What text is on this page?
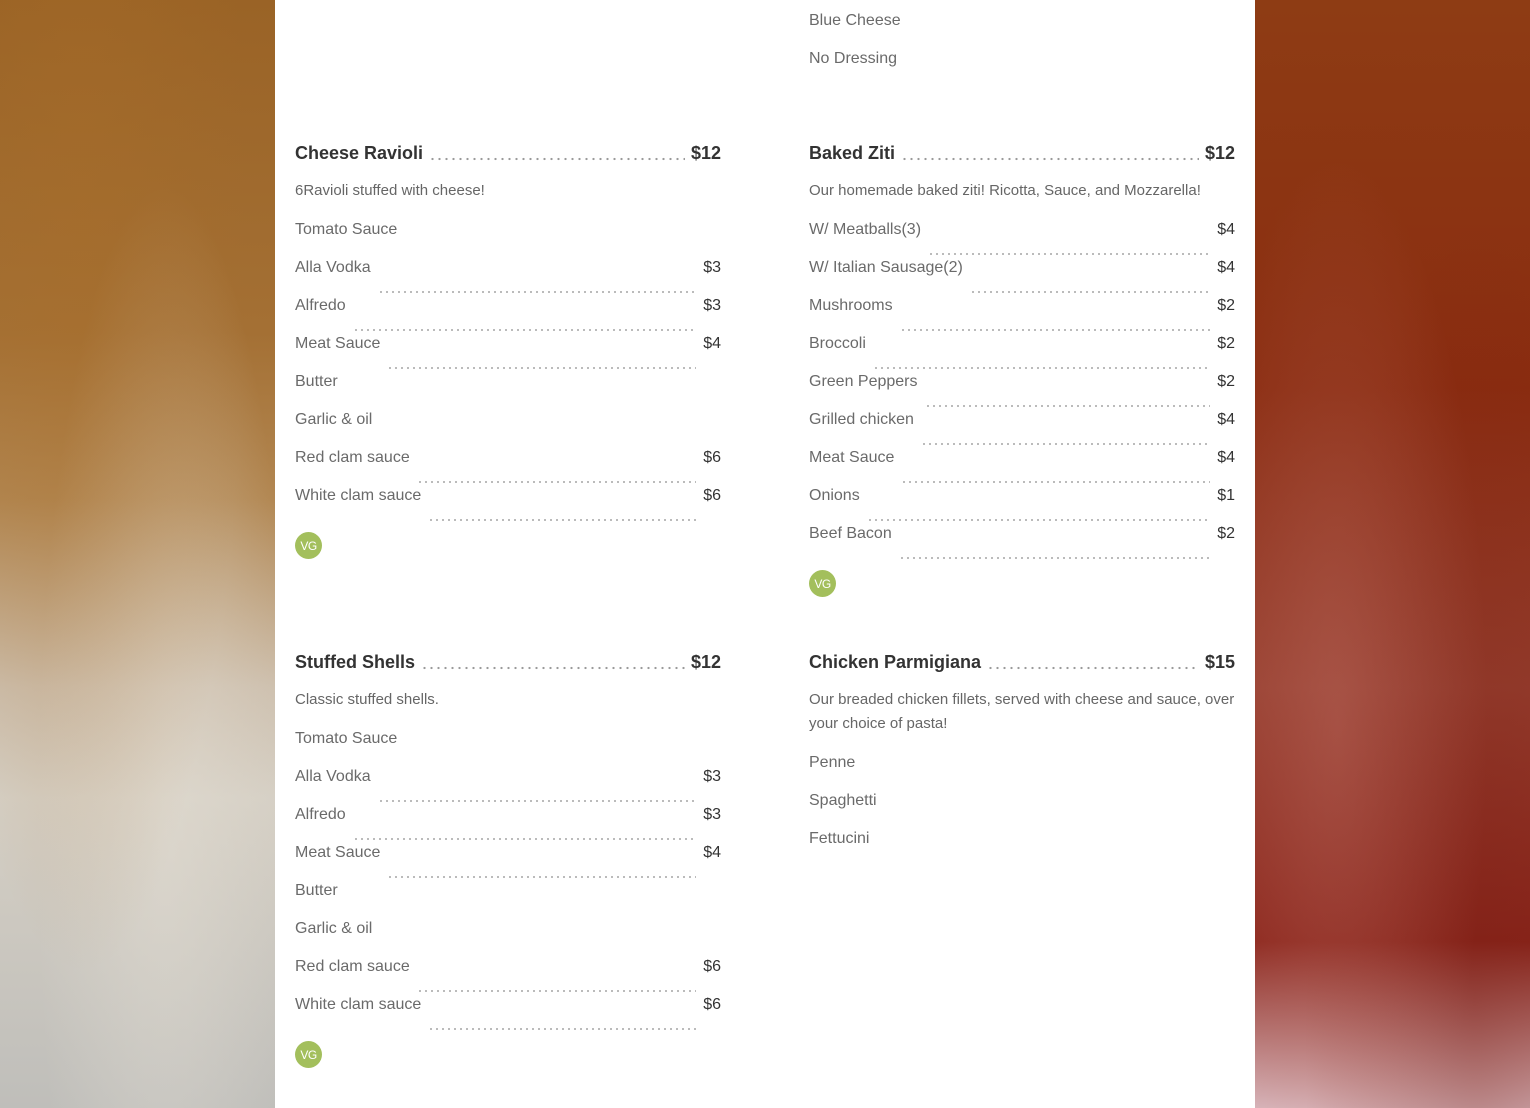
Blue Cheese
No Dressing
Cheese Ravioli	$12
6Ravioli stuffed with cheese!
Tomato Sauce
Alla Vodka	$3
Alfredo	$3
Meat Sauce	$4
Butter
Garlic & oil
Red clam sauce	$6
White clam sauce	$6
VG
Baked Ziti	$12
Our homemade baked ziti! Ricotta, Sauce, and Mozzarella!
W/ Meatballs(3)	$4
W/ Italian Sausage(2)	$4
Mushrooms	$2
Broccoli	$2
Green Peppers	$2
Grilled chicken	$4
Meat Sauce	$4
Onions	$1
Beef Bacon	$2
VG
Stuffed Shells	$12
Classic stuffed shells.
Tomato Sauce
Alla Vodka	$3
Alfredo	$3
Meat Sauce	$4
Butter
Garlic & oil
Red clam sauce	$6
White clam sauce	$6
VG
Chicken Parmigiana	$15
Our breaded chicken fillets, served with cheese and sauce, over your choice of pasta!
Penne
Spaghetti
Fettucini
